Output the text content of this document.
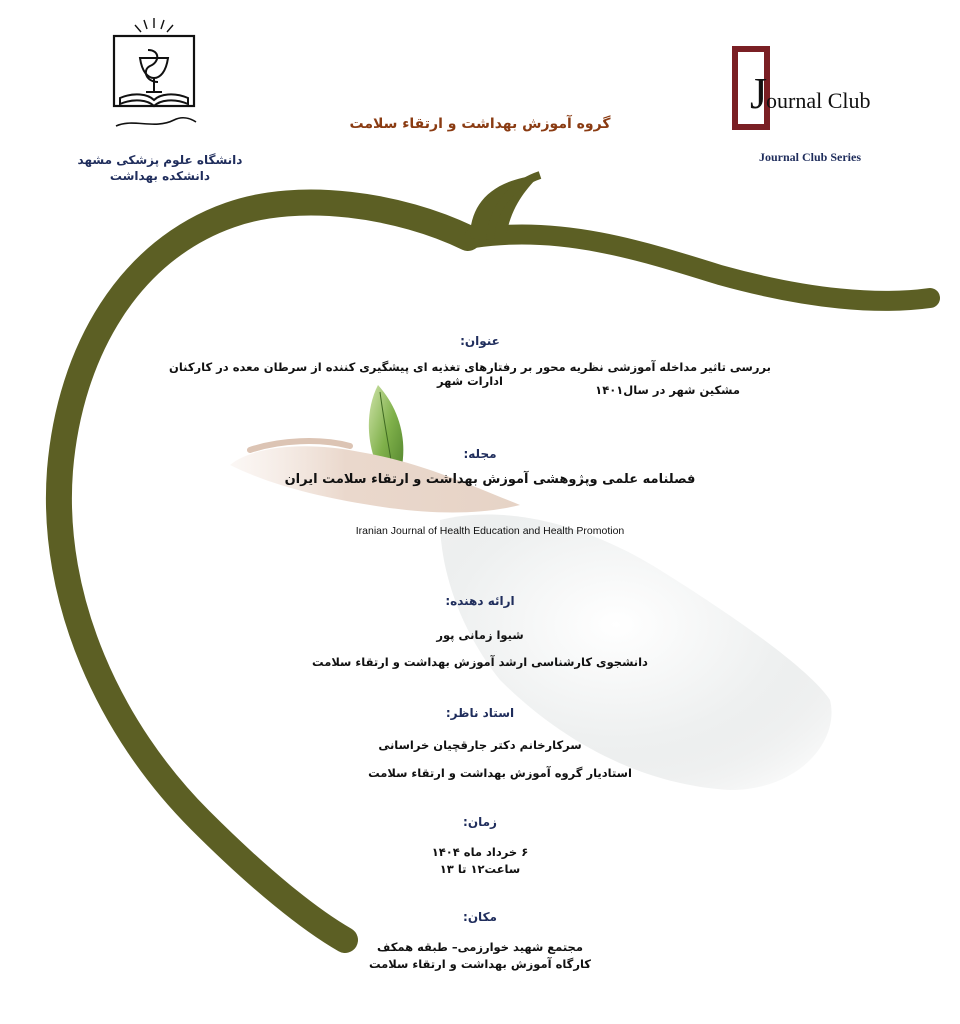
دانشگاه علوم پزشکی مشهد
دانشکده بهداشت
گروه آموزش بهداشت و ارتقاء سلامت
J
ournal Club
Journal Club Series
عنوان:
بررسی تاثیر مداخله آموزشی نظریه محور بر رفتارهای تغذیه ای پیشگیری کننده از سرطان معده در کارکنان ادارات شهر
مشکین شهر در سال۱۴۰۱
مجله:
فصلنامه علمی وپژوهشی آموزش بهداشت و ارتقاء سلامت ایران
Iranian Journal of Health Education and Health Promotion
ارائه دهنده:
شیوا زمانی پور
دانشجوی کارشناسی ارشد آموزش بهداشت و ارتقاء سلامت
استاد ناظر:
سرکارخانم دکتر جارقچیان خراسانی
استادیار گروه آموزش بهداشت و ارتقاء سلامت
زمان:
۶ خرداد ماه ۱۴۰۴
ساعت۱۲ تا ۱۳
مکان:
مجتمع شهید خوارزمی– طبقه همکف
کارگاه آموزش بهداشت و ارتقاء سلامت
